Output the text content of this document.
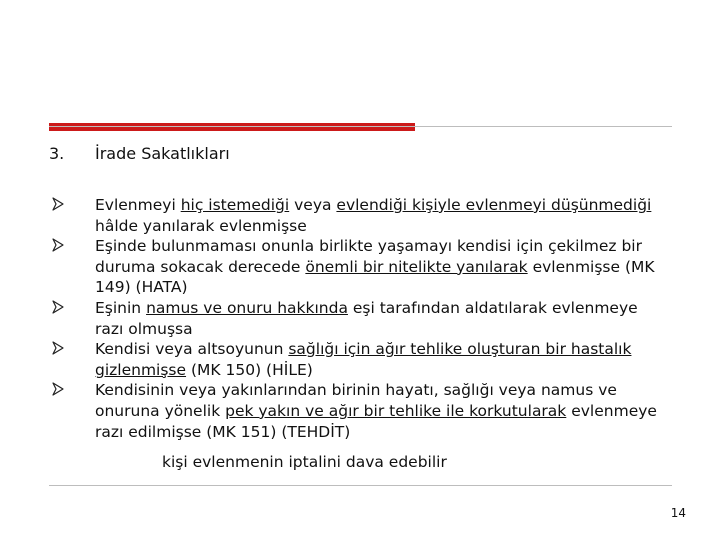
3. İrade Sakatlıkları
Evlenmeyi hiç istemediği veya evlendiği kişiyle evlenmeyi düşünmediği hâlde yanılarak evlenmişse
Eşinde bulunmaması onunla birlikte yaşamayı kendisi için çekilmez bir duruma sokacak derecede önemli bir nitelikte yanılarak evlenmişse (MK 149) (HATA)
Eşinin namus ve onuru hakkında eşi tarafından aldatılarak evlenmeye razı olmuşsa
Kendisi veya altsoyunun sağlığı için ağır tehlike oluşturan bir hastalık gizlenmişse (MK 150) (HİLE)
Kendisinin veya yakınlarından birinin hayatı, sağlığı veya namus ve onuruna yönelik pek yakın ve ağır bir tehlike ile korkutularak evlenmeye razı edilmişse (MK 151) (TEHDİT)
kişi evlenmenin iptalini dava edebilir
14
